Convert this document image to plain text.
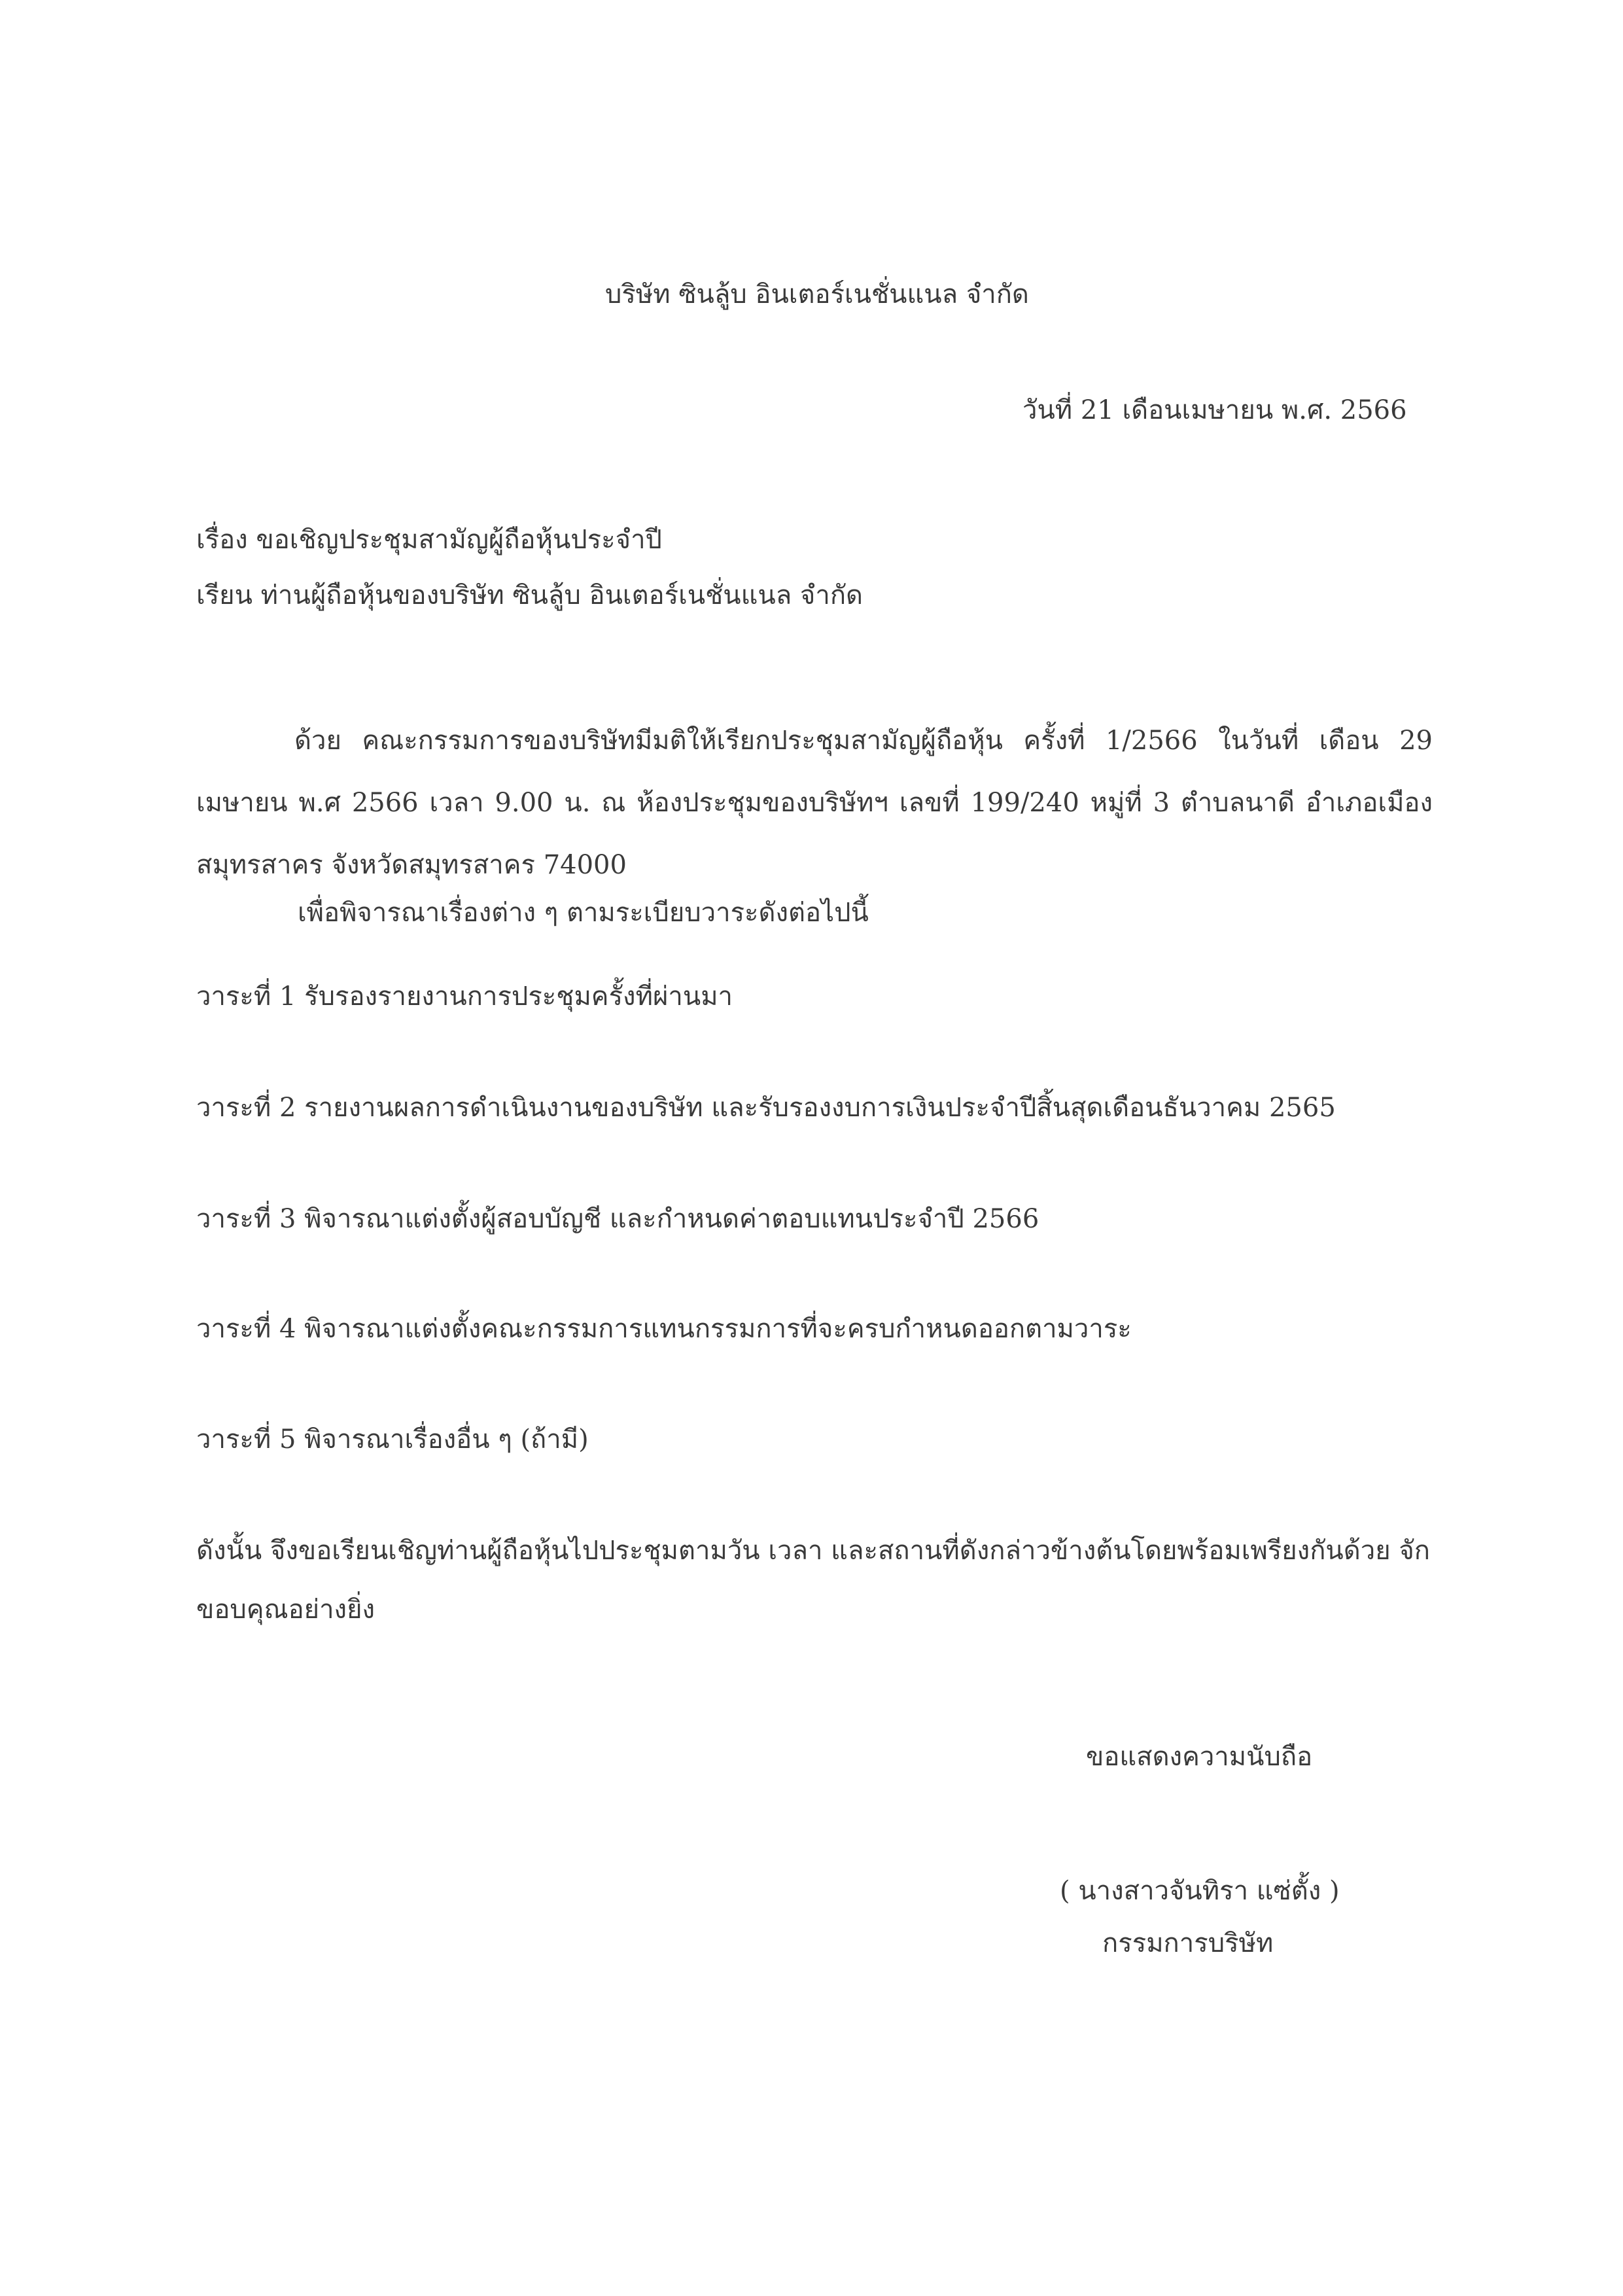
บริษัท ซินลู้บ อินเตอร์เนชั่นแนล จำกัด
วันที่ 21 เดือนเมษายน พ.ศ. 2566
เรื่อง ขอเชิญประชุมสามัญผู้ถือหุ้นประจำปี
เรียน ท่านผู้ถือหุ้นของบริษัท ซินลู้บ อินเตอร์เนชั่นแนล จำกัด
ด้วย คณะกรรมการของบริษัทมีมติให้เรียกประชุมสามัญผู้ถือหุ้น ครั้งที่ 1/2566 ในวันที่ เดือน 29 เมษายน พ.ศ 2566 เวลา 9.00 น. ณ ห้องประชุมของบริษัทฯ เลขที่ 199/240 หมู่ที่ 3 ตำบลนาดี อำเภอเมืองสมุทรสาคร จังหวัดสมุทรสาคร 74000
เพื่อพิจารณาเรื่องต่าง ๆ ตามระเบียบวาระดังต่อไปนี้
วาระที่ 1 รับรองรายงานการประชุมครั้งที่ผ่านมา
วาระที่ 2 รายงานผลการดำเนินงานของบริษัท และรับรองงบการเงินประจำปีสิ้นสุดเดือนธันวาคม 2565
วาระที่ 3 พิจารณาแต่งตั้งผู้สอบบัญชี และกำหนดค่าตอบแทนประจำปี 2566
วาระที่ 4 พิจารณาแต่งตั้งคณะกรรมการแทนกรรมการที่จะครบกำหนดออกตามวาระ
วาระที่ 5 พิจารณาเรื่องอื่น ๆ (ถ้ามี)
ดังนั้น จึงขอเรียนเชิญท่านผู้ถือหุ้นไปประชุมตามวัน เวลา และสถานที่ดังกล่าวข้างต้นโดยพร้อมเพรียงกันด้วย จักขอบคุณอย่างยิ่ง
ขอแสดงความนับถือ
( นางสาวจันทิรา แซ่ตั้ง )
กรรมการบริษัท
